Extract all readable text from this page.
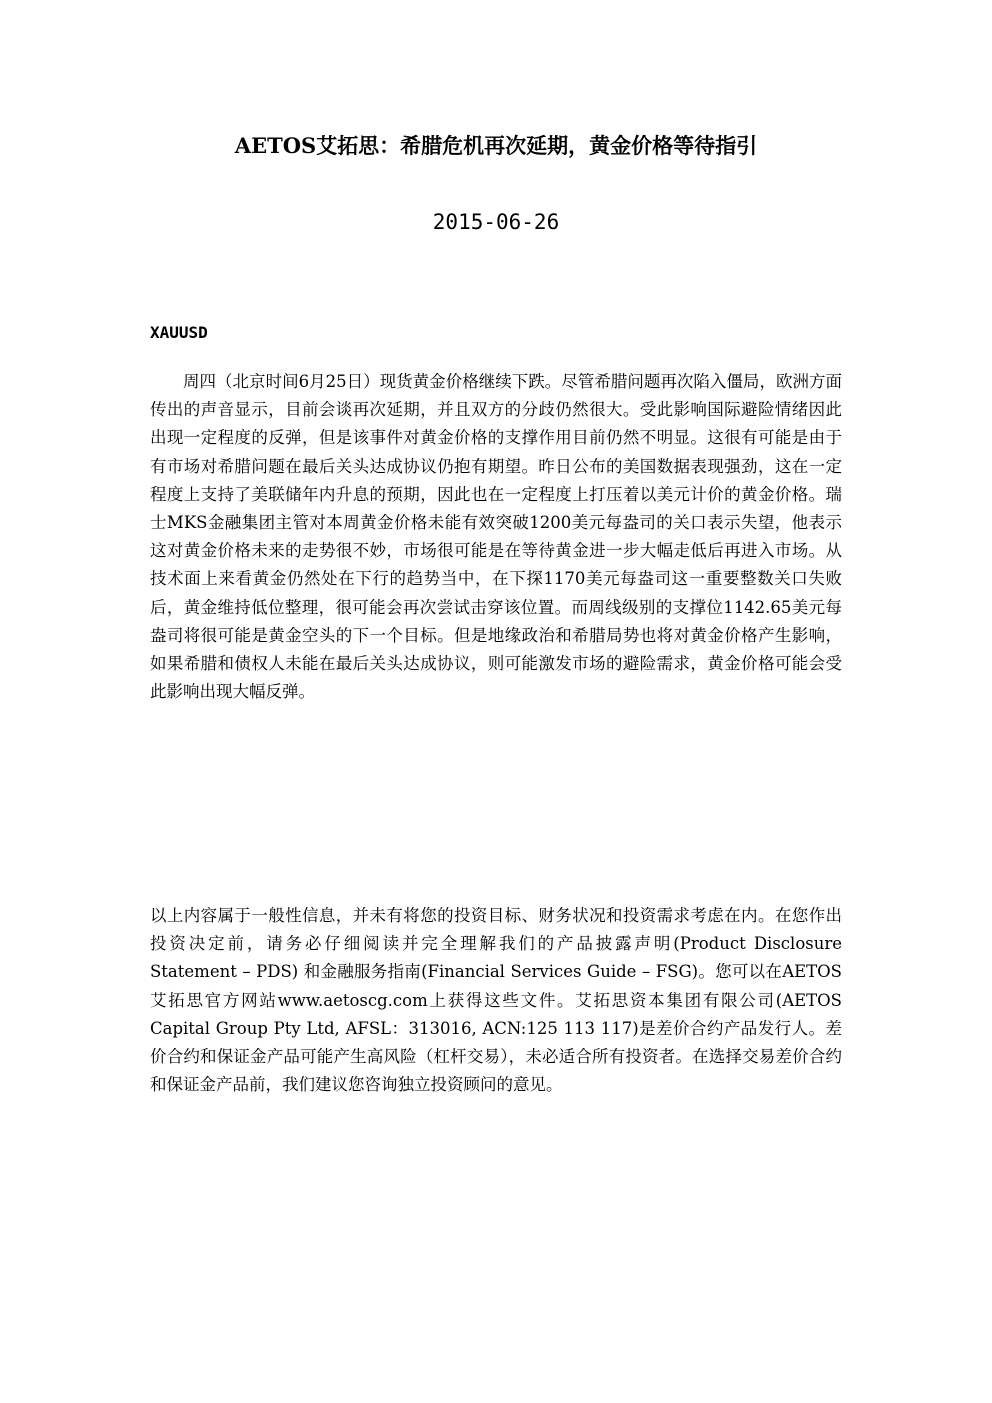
AETOS艾拓思：希腊危机再次延期，黄金价格等待指引
2015-06-26
XAUUSD

周四（北京时间6月25日）现货黄金价格继续下跌。尽管希腊问题再次陷入僵局，欧洲方面传出的声音显示，目前会谈再次延期，并且双方的分歧仍然很大。受此影响国际避险情绪因此出现一定程度的反弹，但是该事件对黄金价格的支撑作用目前仍然不明显。这很有可能是由于有市场对希腊问题在最后关头达成协议仍抱有期望。昨日公布的美国数据表现强劲，这在一定程度上支持了美联储年内升息的预期，因此也在一定程度上打压着以美元计价的黄金价格。瑞士MKS金融集团主管对本周黄金价格未能有效突破1200美元每盎司的关口表示失望，他表示这对黄金价格未来的走势很不妙，市场很可能是在等待黄金进一步大幅走低后再进入市场。从技术面上来看黄金仍然处在下行的趋势当中，在下探1170美元每盎司这一重要整数关口失败后，黄金维持低位整理，很可能会再次尝试击穿该位置。而周线级别的支撑位1142.65美元每盎司将很可能是黄金空头的下一个目标。但是地缘政治和希腊局势也将对黄金价格产生影响，如果希腊和债权人未能在最后关头达成协议，则可能激发市场的避险需求，黄金价格可能会受此影响出现大幅反弹。

以上内容属于一般性信息，并未有将您的投资目标、财务状况和投资需求考虑在内。在您作出投资决定前，请务必仔细阅读并完全理解我们的产品披露声明(Product Disclosure Statement – PDS) 和金融服务指南(Financial Services Guide – FSG)。您可以在AETOS艾拓思官方网站www.aetoscg.com上获得这些文件。艾拓思资本集团有限公司(AETOS Capital Group Pty Ltd, AFSL：313016, ACN:125 113 117)是差价合约产品发行人。差价合约和保证金产品可能产生高风险（杠杆交易），未必适合所有投资者。在选择交易差价合约和保证金产品前，我们建议您咨询独立投资顾问的意见。
